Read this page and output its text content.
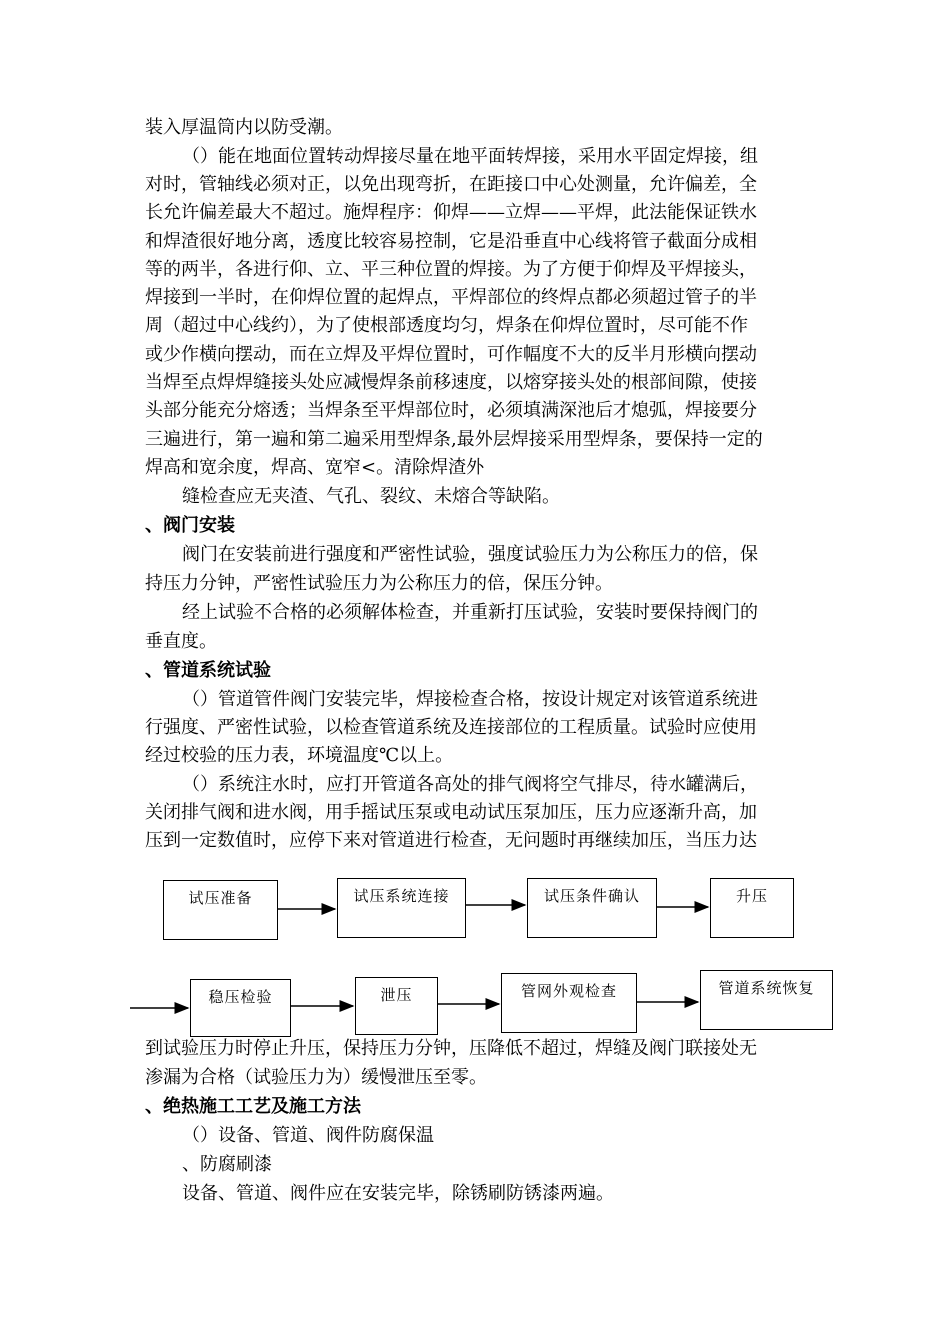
装入厚温筒内以防受潮。
（）能在地面位置转动焊接尽量在地平面转焊接，采用水平固定焊接，组
对时，管轴线必须对正，以免出现弯折，在距接口中心处测量，允许偏差，全
长允许偏差最大不超过。施焊程序：仰焊——立焊——平焊，此法能保证铁水
和焊渣很好地分离，透度比较容易控制，它是沿垂直中心线将管子截面分成相
等的两半，各进行仰、立、平三种位置的焊接。为了方便于仰焊及平焊接头，
焊接到一半时，在仰焊位置的起焊点，平焊部位的终焊点都必须超过管子的半
周（超过中心线约），为了使根部透度均匀，焊条在仰焊位置时，尽可能不作
或少作横向摆动，而在立焊及平焊位置时，可作幅度不大的反半月形横向摆动
当焊至点焊焊缝接头处应减慢焊条前移速度，以熔穿接头处的根部间隙，使接
头部分能充分熔透；当焊条至平焊部位时，必须填满深池后才熄弧，焊接要分
三遍进行，第一遍和第二遍采用型焊条,最外层焊接采用型焊条，要保持一定的
焊高和宽余度，焊高、宽窄<。清除焊渣外
缝检查应无夹渣、气孔、裂纹、未熔合等缺陷。
、阀门安装
阀门在安装前进行强度和严密性试验，强度试验压力为公称压力的倍，保
持压力分钟，严密性试验压力为公称压力的倍，保压分钟。
经上试验不合格的必须解体检查，并重新打压试验，安装时要保持阀门的
垂直度。
、管道系统试验
（）管道管件阀门安装完毕，焊接检查合格，按设计规定对该管道系统进
行强度、严密性试验，以检查管道系统及连接部位的工程质量。试验时应使用
经过校验的压力表，环境温度℃以上。
（）系统注水时，应打开管道各高处的排气阀将空气排尽，待水罐满后，
关闭排气阀和进水阀，用手摇试压泵或电动试压泵加压，压力应逐渐升高，加
压到一定数值时，应停下来对管道进行检查，无问题时再继续加压，当压力达
试压准备	试压系统连接	试压条件确认	升压
稳压检验	泄压	管网外观检查	管道系统恢复
到试验压力时停止升压，保持压力分钟，压降低不超过，焊缝及阀门联接处无
渗漏为合格（试验压力为）缓慢泄压至零。
、绝热施工工艺及施工方法
（）设备、管道、阀件防腐保温
、防腐刷漆
设备、管道、阀件应在安装完毕，除锈刷防锈漆两遍。
